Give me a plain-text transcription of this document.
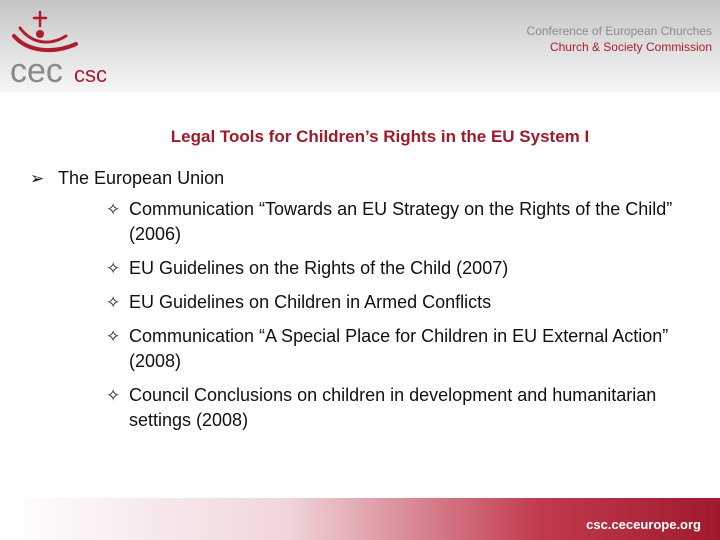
cec csc
Conference of European Churches
Church & Society Commission
Legal Tools for Children’s Rights in the EU System I
➢ The European Union
✧ Communication “Towards an EU Strategy on the Rights of the Child” (2006)
✧ EU Guidelines on the Rights of the Child (2007)
✧ EU Guidelines on Children in Armed Conflicts
✧ Communication “A Special Place for Children in EU External Action” (2008)
✧ Council Conclusions on children in development and humanitarian settings (2008)
csc.ceceurope.org
